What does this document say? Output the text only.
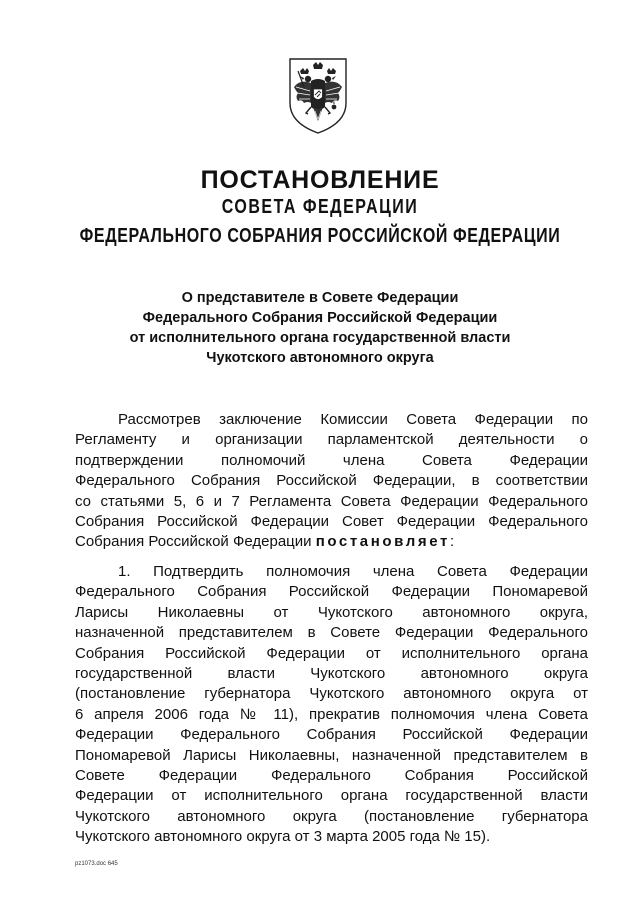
ПОСТАНОВЛЕНИЕ
СОВЕТА ФЕДЕРАЦИИ
ФЕДЕРАЛЬНОГО СОБРАНИЯ РОССИЙСКОЙ ФЕДЕРАЦИИ
О представителе в Совете Федерации
Федерального Собрания Российской Федерации
от исполнительного органа государственной власти
Чукотского автономного округа
Рассмотрев заключение Комиссии Совета Федерации по
Регламенту и организации парламентской деятельности о
подтверждении полномочий члена Совета Федерации
Федерального Собрания Российской Федерации, в соответствии
со статьями 5, 6 и 7 Регламента Совета Федерации Федерального
Собрания Российской Федерации Совет Федерации Федерального
Собрания Российской Федерации постановляет:
1. Подтвердить полномочия члена Совета Федерации
Федерального Собрания Российской Федерации Пономаревой
Ларисы Николаевны от Чукотского автономного округа,
назначенной представителем в Совете Федерации Федерального
Собрания Российской Федерации от исполнительного органа
государственной власти Чукотского автономного округа
(постановление губернатора Чукотского автономного округа от
6 апреля 2006 года № 11), прекратив полномочия члена Совета
Федерации Федерального Собрания Российской Федерации
Пономаревой Ларисы Николаевны, назначенной представителем в
Совете Федерации Федерального Собрания Российской
Федерации от исполнительного органа государственной власти
Чукотского автономного округа (постановление губернатора
Чукотского автономного округа от 3 марта 2005 года № 15).
pz1073.doc 645
